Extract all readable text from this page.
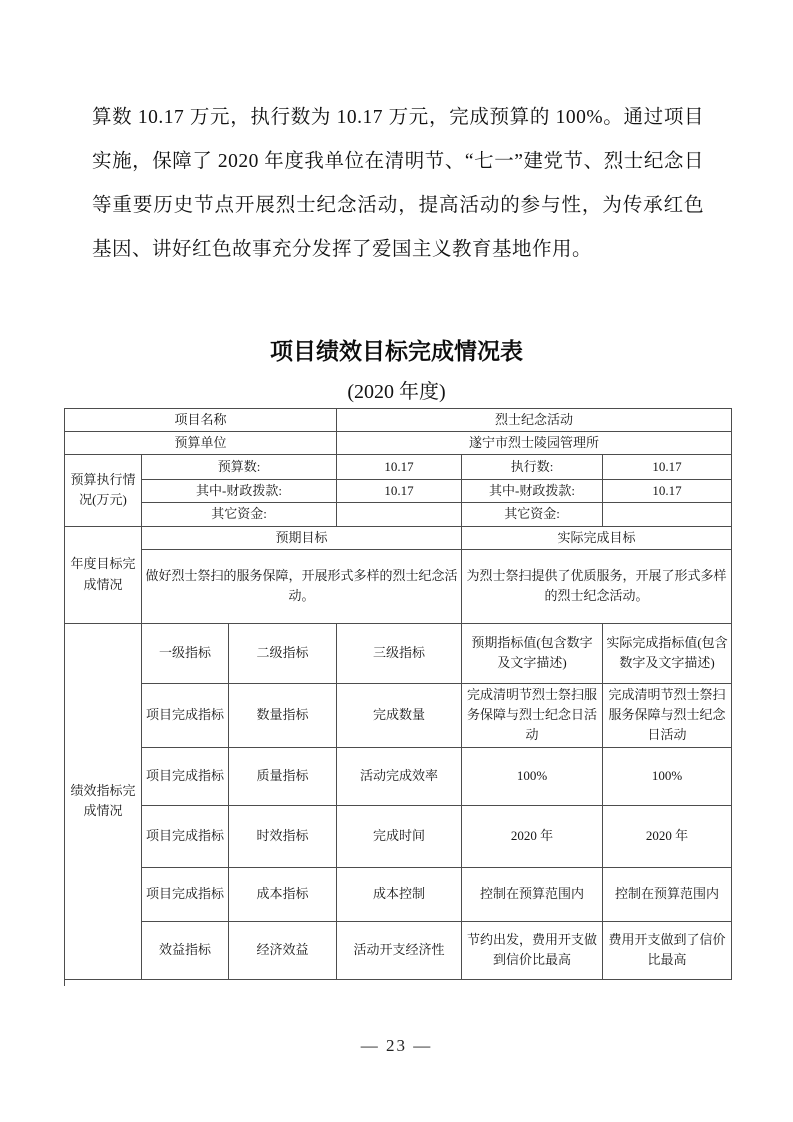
算数 10.17 万元，执行数为 10.17 万元，完成预算的 100%。通过项目实施，保障了 2020 年度我单位在清明节、“七一”建党节、烈士纪念日等重要历史节点开展烈士纪念活动，提高活动的参与性，为传承红色基因、讲好红色故事充分发挥了爱国主义教育基地作用。
项目绩效目标完成情况表
(2020 年度)
项目名称			烈士纪念活动		
预算单位			遂宁市烈士陵园管理所		
预算执行情况(万元)	预算数:		10.17	执行数:	10.17
	其中-财政拨款:		10.17	其中-财政拨款:	10.17
	其它资金:			其它资金:	
年度目标完成情况	预期目标			实际完成目标	
	做好烈士祭扫的服务保障，开展形式多样的烈士纪念活动。			为烈士祭扫提供了优质服务，开展了形式多样的烈士纪念活动。	
绩效指标完成情况	一级指标	二级指标	三级指标	预期指标值(包含数字及文字描述)	实际完成指标值(包含数字及文字描述)
	项目完成指标	数量指标	完成数量	完成清明节烈士祭扫服务保障与烈士纪念日活动	完成清明节烈士祭扫服务保障与烈士纪念日活动
	项目完成指标	质量指标	活动完成效率	100%	100%
	项目完成指标	时效指标	完成时间	2020 年	2020 年
	项目完成指标	成本指标	成本控制	控制在预算范围内	控制在预算范围内
	效益指标	经济效益	活动开支经济性	节约出发，费用开支做到信价比最高	费用开支做到了信价比最高
— 23 —
